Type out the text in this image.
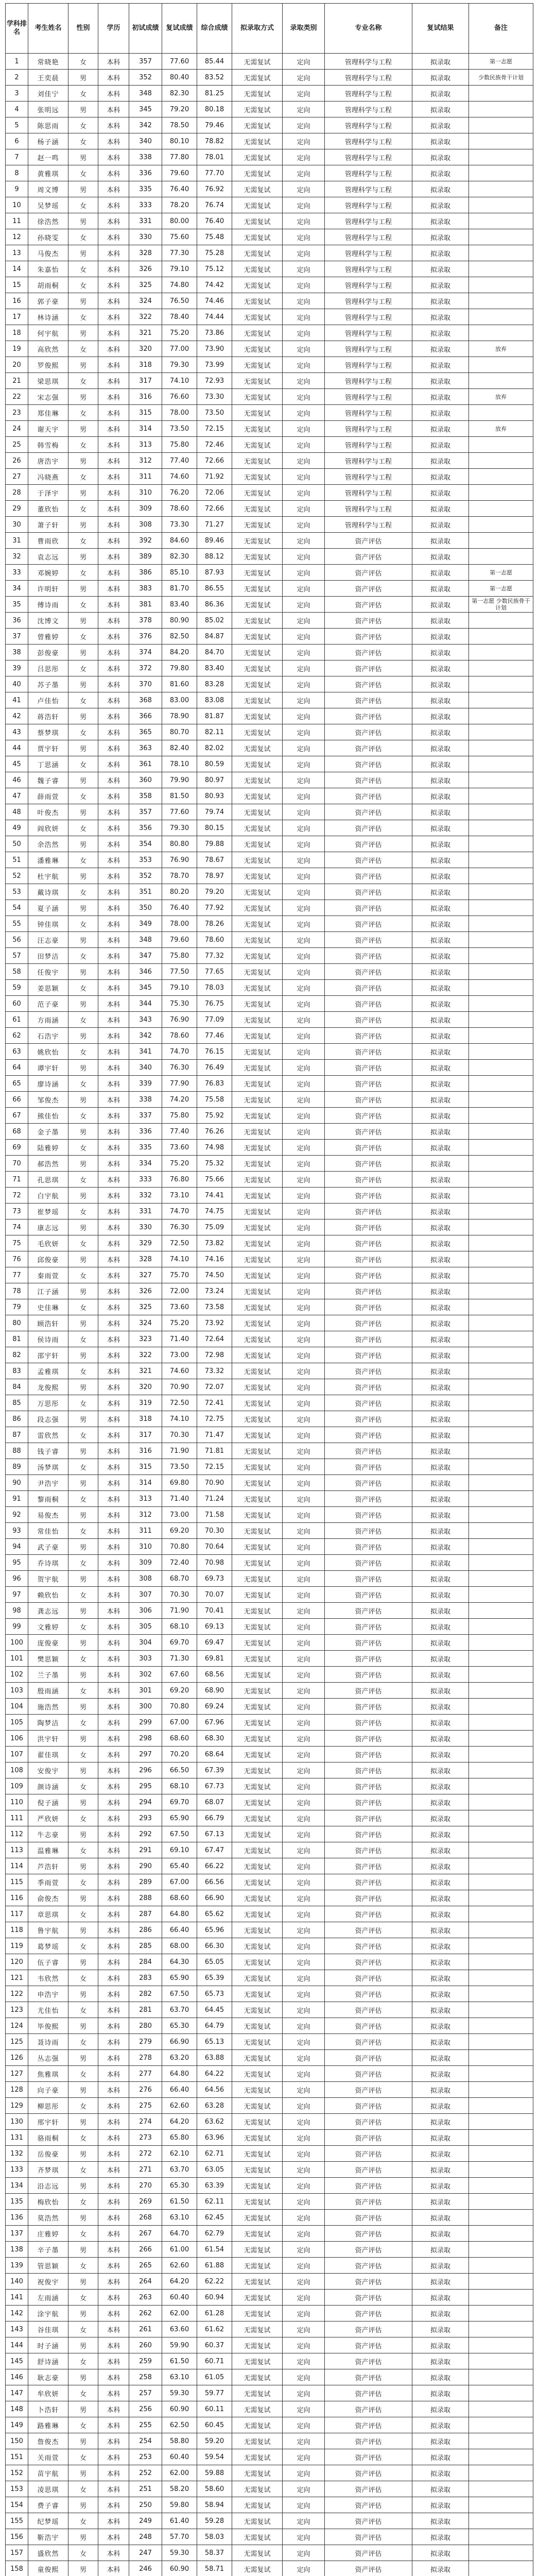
学科排名	考生姓名	性别	学历	初试成绩	复试成绩	综合成绩	拟录取方式	录取类别	专业名称	复试结果	备注
1	常晓艳	女	本科	357	77.60	85.44	无需复试	定向	管理科学与工程	拟录取	第一志愿
2	王奕晨	男	本科	352	80.40	83.52	无需复试	定向	管理科学与工程	拟录取	少数民族骨干计划
3	刘佳宁	女	本科	348	82.30	81.25	无需复试	定向	管理科学与工程	拟录取	
4	张明远	男	本科	345	79.20	80.18	无需复试	定向	管理科学与工程	拟录取	
5	陈思雨	女	本科	342	78.50	79.46	无需复试	定向	管理科学与工程	拟录取	
6	杨子涵	女	本科	340	80.10	78.82	无需复试	定向	管理科学与工程	拟录取	
7	赵一鸣	男	本科	338	77.80	78.01	无需复试	定向	管理科学与工程	拟录取	
8	黄雅琪	女	本科	336	79.60	77.70	无需复试	定向	管理科学与工程	拟录取	
9	周文博	男	本科	335	76.40	76.92	无需复试	定向	管理科学与工程	拟录取	
10	吴梦瑶	女	本科	333	78.20	76.74	无需复试	定向	管理科学与工程	拟录取	
11	徐浩然	男	本科	331	80.00	76.40	无需复试	定向	管理科学与工程	拟录取	
12	孙晓雯	女	本科	330	75.60	75.48	无需复试	定向	管理科学与工程	拟录取	
13	马俊杰	男	本科	328	77.30	75.28	无需复试	定向	管理科学与工程	拟录取	
14	朱嘉怡	女	本科	326	79.10	75.12	无需复试	定向	管理科学与工程	拟录取	
15	胡雨桐	女	本科	325	74.80	74.42	无需复试	定向	管理科学与工程	拟录取	
16	郭子豪	男	本科	324	76.50	74.46	无需复试	定向	管理科学与工程	拟录取	
17	林诗涵	女	本科	322	78.40	74.44	无需复试	定向	管理科学与工程	拟录取	
18	何宇航	男	本科	321	75.20	73.86	无需复试	定向	管理科学与工程	拟录取	
19	高欣然	女	本科	320	77.00	73.90	无需复试	定向	管理科学与工程	拟录取	放弃
20	罗俊熙	男	本科	318	79.30	73.99	无需复试	定向	管理科学与工程	拟录取	
21	梁思琪	女	本科	317	74.10	72.93	无需复试	定向	管理科学与工程	拟录取	
22	宋志强	男	本科	316	76.60	73.30	无需复试	定向	管理科学与工程	拟录取	放弃
23	郑佳琳	女	本科	315	78.00	73.50	无需复试	定向	管理科学与工程	拟录取	
24	谢天宇	男	本科	314	73.50	72.15	无需复试	定向	管理科学与工程	拟录取	放弃
25	韩雪梅	女	本科	313	75.80	72.46	无需复试	定向	管理科学与工程	拟录取	
26	唐浩宇	男	本科	312	77.40	72.66	无需复试	定向	管理科学与工程	拟录取	
27	冯晓燕	女	本科	311	74.60	71.92	无需复试	定向	管理科学与工程	拟录取	
28	于泽宇	男	本科	310	76.20	72.06	无需复试	定向	管理科学与工程	拟录取	
29	董欣怡	女	本科	309	78.60	72.66	无需复试	定向	管理科学与工程	拟录取	
30	萧子轩	男	本科	308	73.30	71.27	无需复试	定向	管理科学与工程	拟录取	
31	曹雨欣	女	本科	392	84.60	89.46	无需复试	定向	资产评估	拟录取	
32	袁志远	男	本科	389	82.30	88.12	无需复试	定向	资产评估	拟录取	
33	邓婉婷	女	本科	386	85.10	87.93	无需复试	定向	资产评估	拟录取	第一志愿
34	许明轩	男	本科	383	81.70	86.55	无需复试	定向	资产评估	拟录取	第一志愿
35	傅诗雨	女	本科	381	83.40	86.36	无需复试	定向	资产评估	拟录取	第一志愿 少数民族骨干计划
36	沈博文	男	本科	378	80.90	85.02	无需复试	定向	资产评估	拟录取	
37	曾雅婷	女	本科	376	82.50	84.87	无需复试	定向	资产评估	拟录取	
38	彭俊豪	男	本科	374	84.20	84.70	无需复试	定向	资产评估	拟录取	
39	吕思彤	女	本科	372	79.80	83.40	无需复试	定向	资产评估	拟录取	
40	苏子墨	男	本科	370	81.60	83.28	无需复试	定向	资产评估	拟录取	
41	卢佳怡	女	本科	368	83.00	83.08	无需复试	定向	资产评估	拟录取	
42	蒋浩轩	男	本科	366	78.90	81.87	无需复试	定向	资产评估	拟录取	
43	蔡梦琪	女	本科	365	80.70	82.11	无需复试	定向	资产评估	拟录取	
44	贾宇轩	男	本科	363	82.40	82.02	无需复试	定向	资产评估	拟录取	
45	丁思涵	女	本科	361	78.10	80.59	无需复试	定向	资产评估	拟录取	
46	魏子睿	男	本科	360	79.90	80.97	无需复试	定向	资产评估	拟录取	
47	薛雨萱	女	本科	358	81.50	80.93	无需复试	定向	资产评估	拟录取	
48	叶俊杰	男	本科	357	77.60	79.74	无需复试	定向	资产评估	拟录取	
49	阎欣妍	女	本科	356	79.30	80.15	无需复试	定向	资产评估	拟录取	
50	余浩然	男	本科	354	80.80	79.88	无需复试	定向	资产评估	拟录取	
51	潘雅琳	女	本科	353	76.90	78.67	无需复试	定向	资产评估	拟录取	
52	杜宇航	男	本科	352	78.70	78.97	无需复试	定向	资产评估	拟录取	
53	戴诗琪	女	本科	351	80.20	79.20	无需复试	定向	资产评估	拟录取	
54	夏子涵	男	本科	350	76.40	77.92	无需复试	定向	资产评估	拟录取	
55	钟佳琪	女	本科	349	78.00	78.26	无需复试	定向	资产评估	拟录取	
56	汪志豪	男	本科	348	79.60	78.60	无需复试	定向	资产评估	拟录取	
57	田梦洁	女	本科	347	75.80	77.32	无需复试	定向	资产评估	拟录取	
58	任俊宇	男	本科	346	77.50	77.65	无需复试	定向	资产评估	拟录取	
59	姜思颖	女	本科	345	79.10	78.03	无需复试	定向	资产评估	拟录取	
60	范子豪	男	本科	344	75.30	76.75	无需复试	定向	资产评估	拟录取	
61	方雨涵	女	本科	343	76.90	77.09	无需复试	定向	资产评估	拟录取	
62	石浩宇	男	本科	342	78.60	77.46	无需复试	定向	资产评估	拟录取	
63	姚欣怡	女	本科	341	74.70	76.15	无需复试	定向	资产评估	拟录取	
64	谭宇轩	男	本科	340	76.30	76.49	无需复试	定向	资产评估	拟录取	
65	廖诗涵	女	本科	339	77.90	76.83	无需复试	定向	资产评估	拟录取	
66	邹俊杰	男	本科	338	74.20	75.58	无需复试	定向	资产评估	拟录取	
67	熊佳怡	女	本科	337	75.80	75.92	无需复试	定向	资产评估	拟录取	
68	金子墨	男	本科	336	77.40	76.26	无需复试	定向	资产评估	拟录取	
69	陆雅婷	女	本科	335	73.60	74.98	无需复试	定向	资产评估	拟录取	
70	郝浩然	男	本科	334	75.20	75.32	无需复试	定向	资产评估	拟录取	
71	孔思琪	女	本科	333	76.80	75.66	无需复试	定向	资产评估	拟录取	
72	白宇航	男	本科	332	73.10	74.41	无需复试	定向	资产评估	拟录取	
73	崔梦瑶	女	本科	331	74.70	74.75	无需复试	定向	资产评估	拟录取	
74	康志远	男	本科	330	76.30	75.09	无需复试	定向	资产评估	拟录取	
75	毛欣妍	女	本科	329	72.50	73.82	无需复试	定向	资产评估	拟录取	
76	邱俊豪	男	本科	328	74.10	74.16	无需复试	定向	资产评估	拟录取	
77	秦雨萱	女	本科	327	75.70	74.50	无需复试	定向	资产评估	拟录取	
78	江子涵	男	本科	326	72.00	73.24	无需复试	定向	资产评估	拟录取	
79	史佳琳	女	本科	325	73.60	73.58	无需复试	定向	资产评估	拟录取	
80	顾浩轩	男	本科	324	75.20	73.92	无需复试	定向	资产评估	拟录取	
81	侯诗雨	女	本科	323	71.40	72.64	无需复试	定向	资产评估	拟录取	
82	邵宇轩	男	本科	322	73.00	72.98	无需复试	定向	资产评估	拟录取	
83	孟雅琪	女	本科	321	74.60	73.32	无需复试	定向	资产评估	拟录取	
84	龙俊熙	男	本科	320	70.90	72.07	无需复试	定向	资产评估	拟录取	
85	万思彤	女	本科	319	72.50	72.41	无需复试	定向	资产评估	拟录取	
86	段志强	男	本科	318	74.10	72.75	无需复试	定向	资产评估	拟录取	
87	雷欣然	女	本科	317	70.30	71.47	无需复试	定向	资产评估	拟录取	
88	钱子睿	男	本科	316	71.90	71.81	无需复试	定向	资产评估	拟录取	
89	汤梦琪	女	本科	315	73.50	72.15	无需复试	定向	资产评估	拟录取	
90	尹浩宇	男	本科	314	69.80	70.90	无需复试	定向	资产评估	拟录取	
91	黎雨桐	女	本科	313	71.40	71.24	无需复试	定向	资产评估	拟录取	
92	易俊杰	男	本科	312	73.00	71.58	无需复试	定向	资产评估	拟录取	
93	常佳怡	女	本科	311	69.20	70.30	无需复试	定向	资产评估	拟录取	
94	武子豪	男	本科	310	70.80	70.64	无需复试	定向	资产评估	拟录取	
95	乔诗琪	女	本科	309	72.40	70.98	无需复试	定向	资产评估	拟录取	
96	贺宇航	男	本科	308	68.70	69.73	无需复试	定向	资产评估	拟录取	
97	赖欣怡	女	本科	307	70.30	70.07	无需复试	定向	资产评估	拟录取	
98	龚志远	男	本科	306	71.90	70.41	无需复试	定向	资产评估	拟录取	
99	文雅婷	女	本科	305	68.10	69.13	无需复试	定向	资产评估	拟录取	
100	庞俊豪	男	本科	304	69.70	69.47	无需复试	定向	资产评估	拟录取	
101	樊思颖	女	本科	303	71.30	69.81	无需复试	定向	资产评估	拟录取	
102	兰子墨	男	本科	302	67.60	68.56	无需复试	定向	资产评估	拟录取	
103	殷雨涵	女	本科	301	69.20	68.90	无需复试	定向	资产评估	拟录取	
104	施浩然	男	本科	300	70.80	69.24	无需复试	定向	资产评估	拟录取	
105	陶梦洁	女	本科	299	67.00	67.96	无需复试	定向	资产评估	拟录取	
106	洪宇轩	男	本科	298	68.60	68.30	无需复试	定向	资产评估	拟录取	
107	翟佳琪	女	本科	297	70.20	68.64	无需复试	定向	资产评估	拟录取	
108	安俊宇	男	本科	296	66.50	67.39	无需复试	定向	资产评估	拟录取	
109	颜诗涵	女	本科	295	68.10	67.73	无需复试	定向	资产评估	拟录取	
110	倪子涵	男	本科	294	69.70	68.07	无需复试	定向	资产评估	拟录取	
111	严欣妍	女	本科	293	65.90	66.79	无需复试	定向	资产评估	拟录取	
112	牛志豪	男	本科	292	67.50	67.13	无需复试	定向	资产评估	拟录取	
113	温雅琳	女	本科	291	69.10	67.47	无需复试	定向	资产评估	拟录取	
114	芦浩轩	男	本科	290	65.40	66.22	无需复试	定向	资产评估	拟录取	
115	季雨萱	女	本科	289	67.00	66.56	无需复试	定向	资产评估	拟录取	
116	俞俊杰	男	本科	288	68.60	66.90	无需复试	定向	资产评估	拟录取	
117	章思琪	女	本科	287	64.80	65.62	无需复试	定向	资产评估	拟录取	
118	鲁宇航	男	本科	286	66.40	65.96	无需复试	定向	资产评估	拟录取	
119	葛梦瑶	女	本科	285	68.00	66.30	无需复试	定向	资产评估	拟录取	
120	伍子睿	男	本科	284	64.30	65.05	无需复试	定向	资产评估	拟录取	
121	韦欣然	女	本科	283	65.90	65.39	无需复试	定向	资产评估	拟录取	
122	申浩宇	男	本科	282	67.50	65.73	无需复试	定向	资产评估	拟录取	
123	尤佳怡	女	本科	281	63.70	64.45	无需复试	定向	资产评估	拟录取	
124	毕俊熙	男	本科	280	65.30	64.79	无需复试	定向	资产评估	拟录取	
125	聂诗雨	女	本科	279	66.90	65.13	无需复试	定向	资产评估	拟录取	
126	丛志强	男	本科	278	63.20	63.88	无需复试	定向	资产评估	拟录取	
127	焦雅琪	女	本科	277	64.80	64.22	无需复试	定向	资产评估	拟录取	
128	向子豪	男	本科	276	66.40	64.56	无需复试	定向	资产评估	拟录取	
129	柳思彤	女	本科	275	62.60	63.28	无需复试	定向	资产评估	拟录取	
130	邢宇轩	男	本科	274	64.20	63.62	无需复试	定向	资产评估	拟录取	
131	骆雨桐	女	本科	273	65.80	63.96	无需复试	定向	资产评估	拟录取	
132	岳俊豪	男	本科	272	62.10	62.71	无需复试	定向	资产评估	拟录取	
133	齐梦琪	女	本科	271	63.70	63.05	无需复试	定向	资产评估	拟录取	
134	沿志远	男	本科	270	65.30	63.39	无需复试	定向	资产评估	拟录取	
135	梅欣怡	女	本科	269	61.50	62.11	无需复试	定向	资产评估	拟录取	
136	莫浩然	男	本科	268	63.10	62.45	无需复试	定向	资产评估	拟录取	
137	庄雅婷	女	本科	267	64.70	62.79	无需复试	定向	资产评估	拟录取	
138	辛子墨	男	本科	266	61.00	61.54	无需复试	定向	资产评估	拟录取	
139	管思颖	女	本科	265	62.60	61.88	无需复试	定向	资产评估	拟录取	
140	祝俊宇	男	本科	264	64.20	62.22	无需复试	定向	资产评估	拟录取	
141	左雨涵	女	本科	263	60.40	60.94	无需复试	定向	资产评估	拟录取	
142	涂宇航	男	本科	262	62.00	61.28	无需复试	定向	资产评估	拟录取	
143	谷佳琪	女	本科	261	63.60	61.62	无需复试	定向	资产评估	拟录取	
144	时子涵	男	本科	260	59.90	60.37	无需复试	定向	资产评估	拟录取	
145	舒诗涵	女	本科	259	61.50	60.71	无需复试	定向	资产评估	拟录取	
146	耿志豪	男	本科	258	63.10	61.05	无需复试	定向	资产评估	拟录取	
147	牟欣妍	女	本科	257	59.30	59.77	无需复试	定向	资产评估	拟录取	
148	卜浩轩	男	本科	256	60.90	60.11	无需复试	定向	资产评估	拟录取	
149	路雅琳	女	本科	255	62.50	60.45	无需复试	定向	资产评估	拟录取	
150	詹俊杰	男	本科	254	58.80	59.20	无需复试	定向	资产评估	拟录取	
151	关雨萱	女	本科	253	60.40	59.54	无需复试	定向	资产评估	拟录取	
152	苗宇航	男	本科	252	62.00	59.88	无需复试	定向	资产评估	拟录取	
153	凌思琪	女	本科	251	58.20	58.60	无需复试	定向	资产评估	拟录取	
154	费子睿	男	本科	250	59.80	58.94	无需复试	定向	资产评估	拟录取	
155	纪梦瑶	女	本科	249	61.40	59.28	无需复试	定向	资产评估	拟录取	
156	靳浩宇	男	本科	248	57.70	58.03	无需复试	定向	资产评估	拟录取	
157	盛欣然	女	本科	247	59.30	58.37	无需复试	定向	资产评估	拟录取	
158	童俊熙	男	本科	246	60.90	58.71	无需复试	定向	资产评估	拟录取	
